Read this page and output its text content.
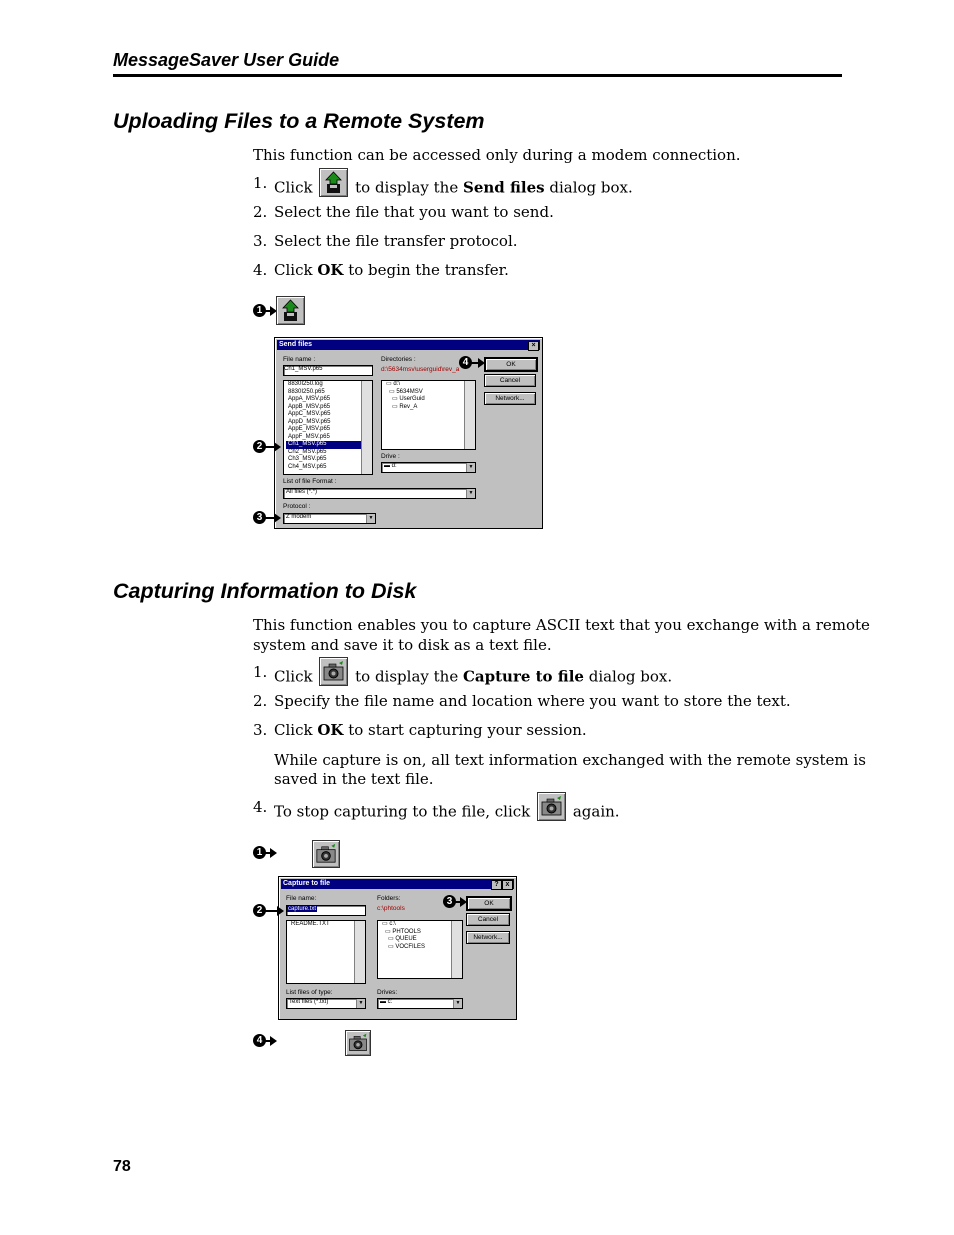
MessageSaver User Guide
Uploading Files to a Remote System
This function can be accessed only during a modem connection.
1. Click	to display the Send files dialog box.
2. Select the file that you want to send.
3. Select the file transfer protocol.
4. Click OK to begin the transfer.
1

Send files	×
File name :
Ch1_MSV.p65
8830I250.log
8830I250.p65
AppA_MSV.p65
AppB_MSV.p65
AppC_MSV.p65
AppD_MSV.p65
AppE_MSV.p65
AppF_MSV.p65
Ch1_MSV.p65
Ch2_MSV.p65
Ch3_MSV.p65
Ch4_MSV.p65
Directories :
d:\5634msv\userguid\rev_a
▭ d:\
▭ 5634MSV
▭ UserGuid
▭ Rev_A
Drive :
▬ d:	▼
List of file Format :
All files (*.*)	▼
Protocol :
Z modem	▼
OK
Cancel
Network...
4
2
3
Capturing Information to Disk
This function enables you to capture ASCII text that you exchange with a remote
system and save it to disk as a text file.
1. Click	to display the Capture to file dialog box.
2. Specify the file name and location where you want to store the text.
3. Click OK to start capturing your session.
While capture is on, all text information exchanged with the remote system is
saved in the text file.
4. To stop capturing to the file, click	again.
1

Capture to file	? x
File name:
capture.txt
README.TXT
Folders:
c:\phtools
▭ c:\
▭ PHTOOLS
▭ QUEUE
▭ VOCFILES
List files of type:
Text files (*.txt)	▼
Drives:
▬ c:	▼
OK
Cancel
Network...
3
2
4
78
